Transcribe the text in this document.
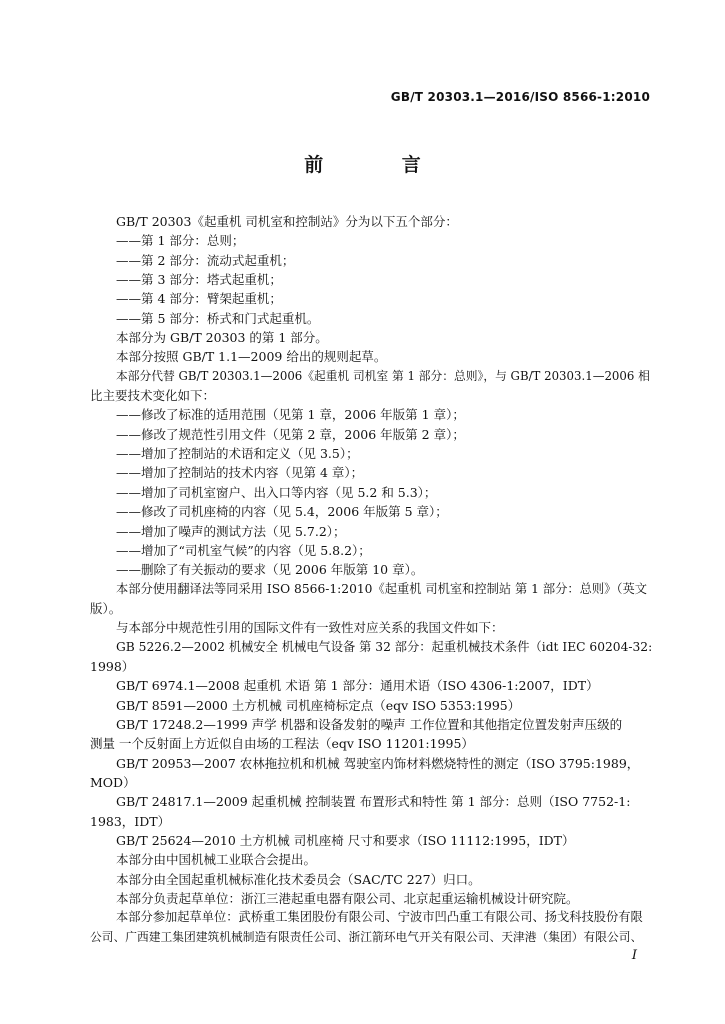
GB/T 20303.1—2016/ISO 8566-1:2010
前 言
GB/T 20303《起重机 司机室和控制站》分为以下五个部分：
——第 1 部分：总则；
——第 2 部分：流动式起重机；
——第 3 部分：塔式起重机；
——第 4 部分：臂架起重机；
——第 5 部分：桥式和门式起重机。
本部分为 GB/T 20303 的第 1 部分。
本部分按照 GB/T 1.1—2009 给出的规则起草。
本部分代替 GB/T 20303.1—2006《起重机 司机室 第 1 部分：总则》，与 GB/T 20303.1—2006 相
比主要技术变化如下：
——修改了标准的适用范围（见第 1 章，2006 年版第 1 章）；
——修改了规范性引用文件（见第 2 章，2006 年版第 2 章）；
——增加了控制站的术语和定义（见 3.5）；
——增加了控制站的技术内容（见第 4 章）；
——增加了司机室窗户、出入口等内容（见 5.2 和 5.3）；
——修改了司机座椅的内容（见 5.4，2006 年版第 5 章）；
——增加了噪声的测试方法（见 5.7.2）；
——增加了“司机室气候”的内容（见 5.8.2）；
——删除了有关振动的要求（见 2006 年版第 10 章）。
本部分使用翻译法等同采用 ISO 8566-1:2010《起重机 司机室和控制站 第 1 部分：总则》（英文
版）。
与本部分中规范性引用的国际文件有一致性对应关系的我国文件如下：
GB 5226.2—2002 机械安全 机械电气设备 第 32 部分：起重机械技术条件（idt IEC 60204-32:
1998）
GB/T 6974.1—2008 起重机 术语 第 1 部分：通用术语（ISO 4306-1:2007，IDT）
GB/T 8591—2000 土方机械 司机座椅标定点（eqv ISO 5353:1995）
GB/T 17248.2—1999 声学 机器和设备发射的噪声 工作位置和其他指定位置发射声压级的
测量 一个反射面上方近似自由场的工程法（eqv ISO 11201:1995）
GB/T 20953—2007 农林拖拉机和机械 驾驶室内饰材料燃烧特性的测定（ISO 3795:1989，
MOD）
GB/T 24817.1—2009 起重机械 控制装置 布置形式和特性 第 1 部分：总则（ISO 7752-1:
1983，IDT）
GB/T 25624—2010 土方机械 司机座椅 尺寸和要求（ISO 11112:1995，IDT）
本部分由中国机械工业联合会提出。
本部分由全国起重机械标准化技术委员会（SAC/TC 227）归口。
本部分负责起草单位：浙江三港起重电器有限公司、北京起重运输机械设计研究院。
本部分参加起草单位：武桥重工集团股份有限公司、宁波市凹凸重工有限公司、扬戈科技股份有限
公司、广西建工集团建筑机械制造有限责任公司、浙江箭环电气开关有限公司、天津港（集团）有限公司、
I
